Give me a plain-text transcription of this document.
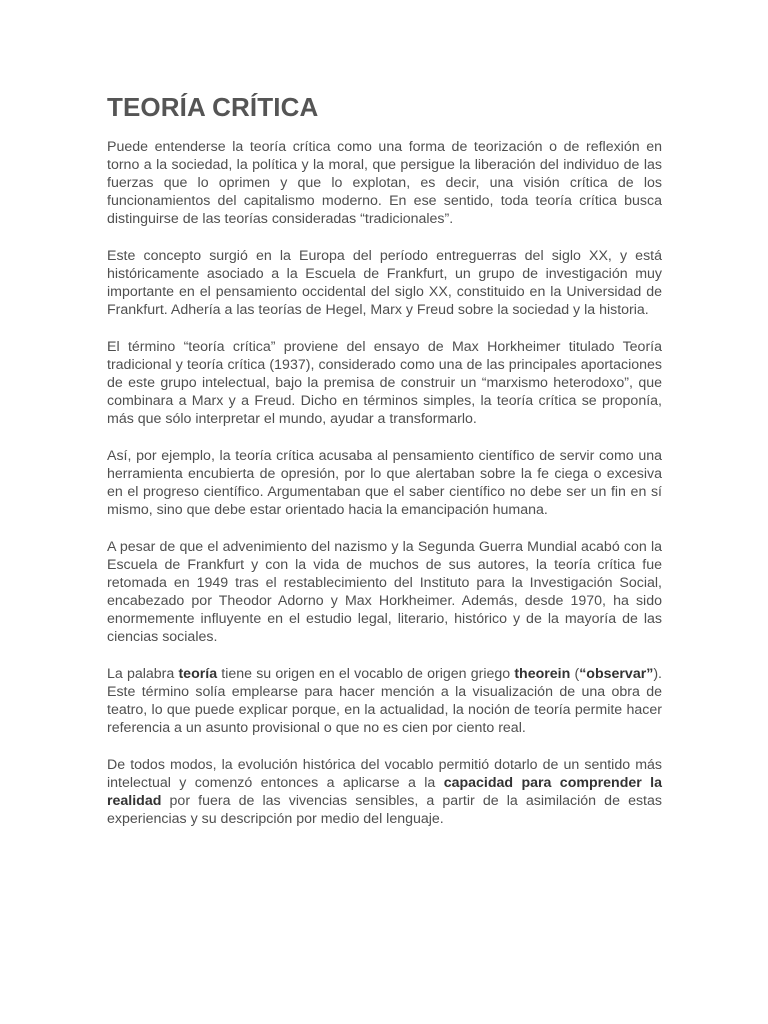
TEORÍA CRÍTICA

Puede entenderse la teoría crítica como una forma de teorización o de reflexión en torno a la sociedad, la política y la moral, que persigue la liberación del individuo de las fuerzas que lo oprimen y que lo explotan, es decir, una visión crítica de los funcionamientos del capitalismo moderno. En ese sentido, toda teoría crítica busca distinguirse de las teorías consideradas “tradicionales”.

Este concepto surgió en la Europa del período entreguerras del siglo XX, y está históricamente asociado a la Escuela de Frankfurt, un grupo de investigación muy importante en el pensamiento occidental del siglo XX, constituido en la Universidad de Frankfurt. Adhería a las teorías de Hegel, Marx y Freud sobre la sociedad y la historia.

El término “teoría crítica” proviene del ensayo de Max Horkheimer titulado Teoría tradicional y teoría crítica (1937), considerado como una de las principales aportaciones de este grupo intelectual, bajo la premisa de construir un “marxismo heterodoxo”, que combinara a Marx y a Freud. Dicho en términos simples, la teoría crítica se proponía, más que sólo interpretar el mundo, ayudar a transformarlo.

Así, por ejemplo, la teoría crítica acusaba al pensamiento científico de servir como una herramienta encubierta de opresión, por lo que alertaban sobre la fe ciega o excesiva en el progreso científico. Argumentaban que el saber científico no debe ser un fin en sí mismo, sino que debe estar orientado hacia la emancipación humana.

A pesar de que el advenimiento del nazismo y la Segunda Guerra Mundial acabó con la Escuela de Frankfurt y con la vida de muchos de sus autores, la teoría crítica fue retomada en 1949 tras el restablecimiento del Instituto para la Investigación Social, encabezado por Theodor Adorno y Max Horkheimer. Además, desde 1970, ha sido enormemente influyente en el estudio legal, literario, histórico y de la mayoría de las ciencias sociales.

La palabra teoría tiene su origen en el vocablo de origen griego theorein (“observar”). Este término solía emplearse para hacer mención a la visualización de una obra de teatro, lo que puede explicar porque, en la actualidad, la noción de teoría permite hacer referencia a un asunto provisional o que no es cien por ciento real.

De todos modos, la evolución histórica del vocablo permitió dotarlo de un sentido más intelectual y comenzó entonces a aplicarse a la capacidad para comprender la realidad por fuera de las vivencias sensibles, a partir de la asimilación de estas experiencias y su descripción por medio del lenguaje.
